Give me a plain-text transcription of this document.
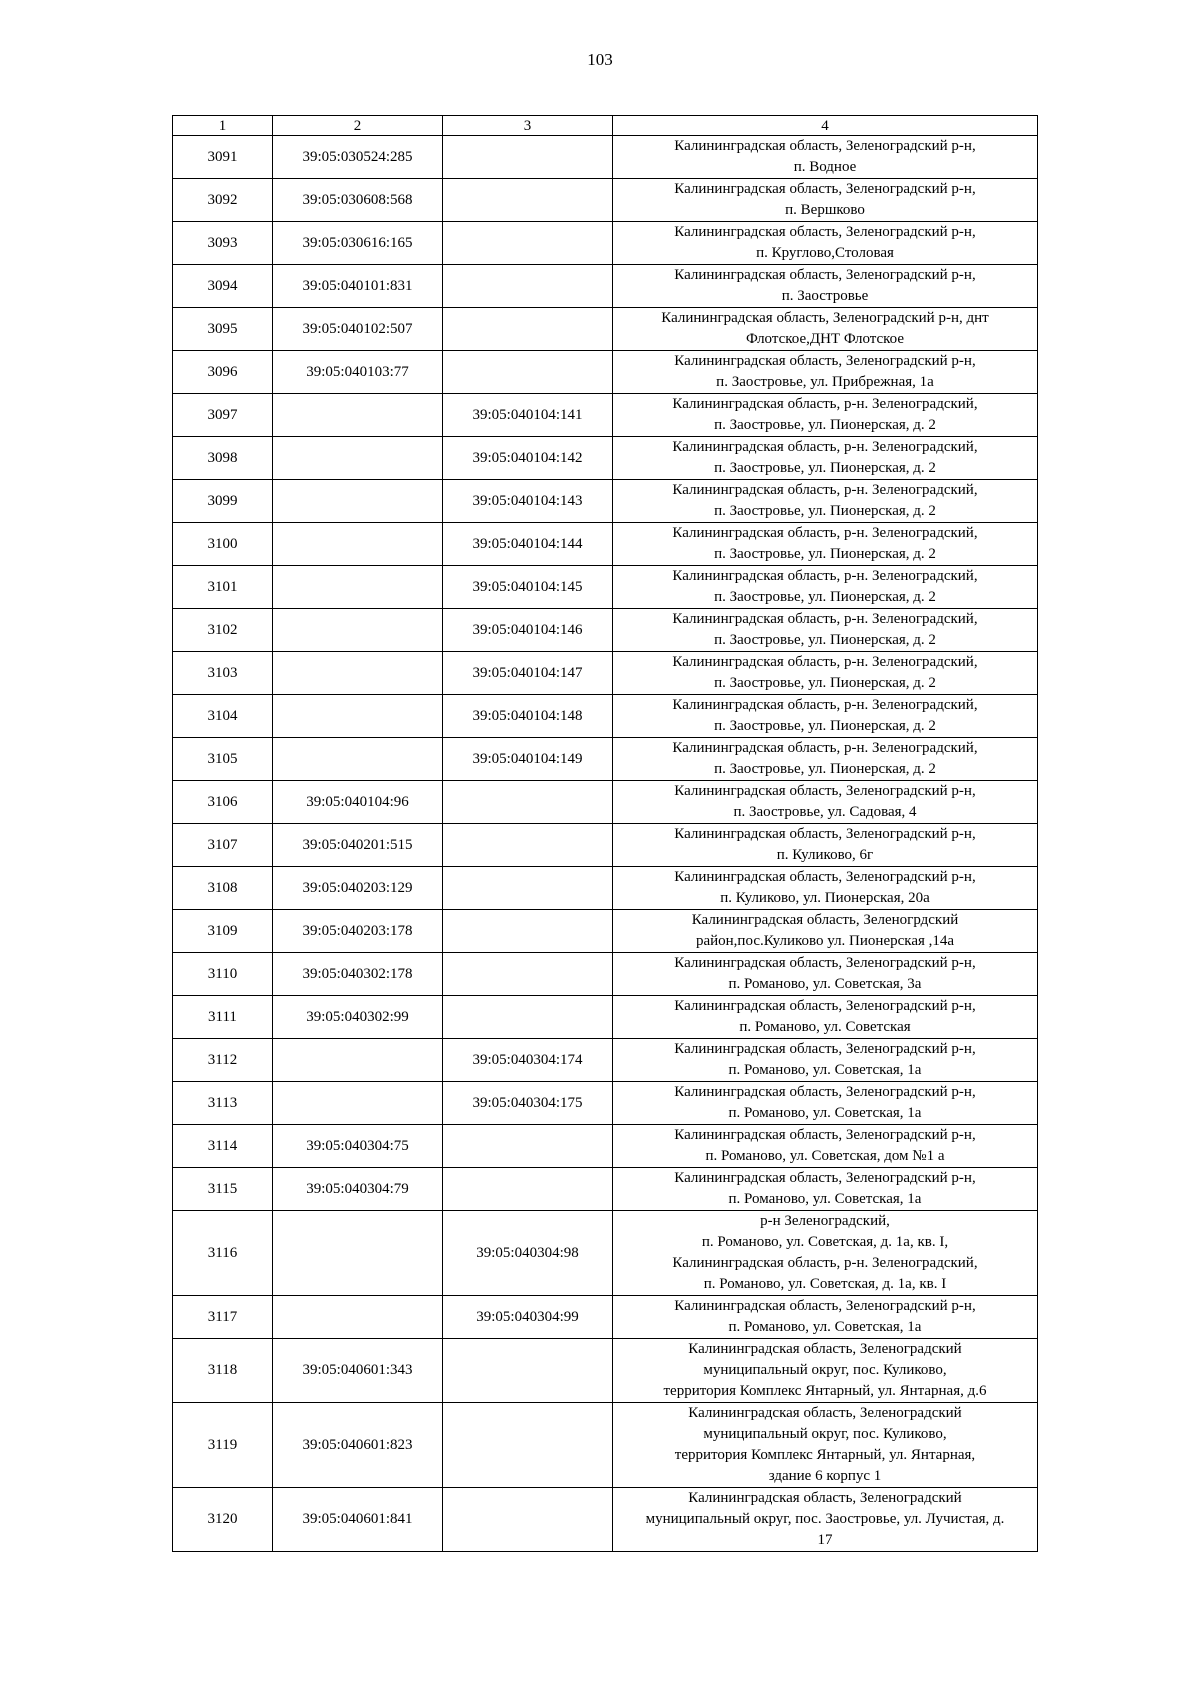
103
1	2	3	4
3091	39:05:030524:285		Калининградская область, Зеленоградский р-н,
п. Водное
3092	39:05:030608:568		Калининградская область, Зеленоградский р-н,
п. Вершково
3093	39:05:030616:165		Калининградская область, Зеленоградский р-н,
п. Круглово,Столовая
3094	39:05:040101:831		Калининградская область, Зеленоградский р-н,
п. Заостровье
3095	39:05:040102:507		Калининградская область, Зеленоградский р-н, днт
Флотское,ДНТ Флотское
3096	39:05:040103:77		Калининградская область, Зеленоградский р-н,
п. Заостровье, ул. Прибрежная, 1а
3097		39:05:040104:141	Калининградская область, р-н. Зеленоградский,
п. Заостровье, ул. Пионерская, д. 2
3098		39:05:040104:142	Калининградская область, р-н. Зеленоградский,
п. Заостровье, ул. Пионерская, д. 2
3099		39:05:040104:143	Калининградская область, р-н. Зеленоградский,
п. Заостровье, ул. Пионерская, д. 2
3100		39:05:040104:144	Калининградская область, р-н. Зеленоградский,
п. Заостровье, ул. Пионерская, д. 2
3101		39:05:040104:145	Калининградская область, р-н. Зеленоградский,
п. Заостровье, ул. Пионерская, д. 2
3102		39:05:040104:146	Калининградская область, р-н. Зеленоградский,
п. Заостровье, ул. Пионерская, д. 2
3103		39:05:040104:147	Калининградская область, р-н. Зеленоградский,
п. Заостровье, ул. Пионерская, д. 2
3104		39:05:040104:148	Калининградская область, р-н. Зеленоградский,
п. Заостровье, ул. Пионерская, д. 2
3105		39:05:040104:149	Калининградская область, р-н. Зеленоградский,
п. Заостровье, ул. Пионерская, д. 2
3106	39:05:040104:96		Калининградская область, Зеленоградский р-н,
п. Заостровье, ул. Садовая, 4
3107	39:05:040201:515		Калининградская область, Зеленоградский р-н,
п. Куликово, 6г
3108	39:05:040203:129		Калининградская область, Зеленоградский р-н,
п. Куликово, ул. Пионерская, 20а
3109	39:05:040203:178		Калининградская область, Зеленогрдский
район,пос.Куликово ул. Пионерская ,14а
3110	39:05:040302:178		Калининградская область, Зеленоградский р-н,
п. Романово, ул. Советская, 3а
3111	39:05:040302:99		Калининградская область, Зеленоградский р-н,
п. Романово, ул. Советская
3112		39:05:040304:174	Калининградская область, Зеленоградский р-н,
п. Романово, ул. Советская, 1а
3113		39:05:040304:175	Калининградская область, Зеленоградский р-н,
п. Романово, ул. Советская, 1а
3114	39:05:040304:75		Калининградская область, Зеленоградский р-н,
п. Романово, ул. Советская, дом №1 а
3115	39:05:040304:79		Калининградская область, Зеленоградский р-н,
п. Романово, ул. Советская, 1а
3116		39:05:040304:98	р-н Зеленоградский,
п. Романово, ул. Советская, д. 1а, кв. I,
Калининградская область, р-н. Зеленоградский,
п. Романово, ул. Советская, д. 1а, кв. I
3117		39:05:040304:99	Калининградская область, Зеленоградский р-н,
п. Романово, ул. Советская, 1а
3118	39:05:040601:343		Калининградская область, Зеленоградский
муниципальный округ, пос. Куликово,
территория Комплекс Янтарный, ул. Янтарная, д.6
3119	39:05:040601:823		Калининградская область, Зеленоградский
муниципальный округ, пос. Куликово,
территория Комплекс Янтарный, ул. Янтарная,
здание 6 корпус 1
3120	39:05:040601:841		Калининградская область, Зеленоградский
муниципальный округ, пос. Заостровье, ул. Лучистая, д.
17
